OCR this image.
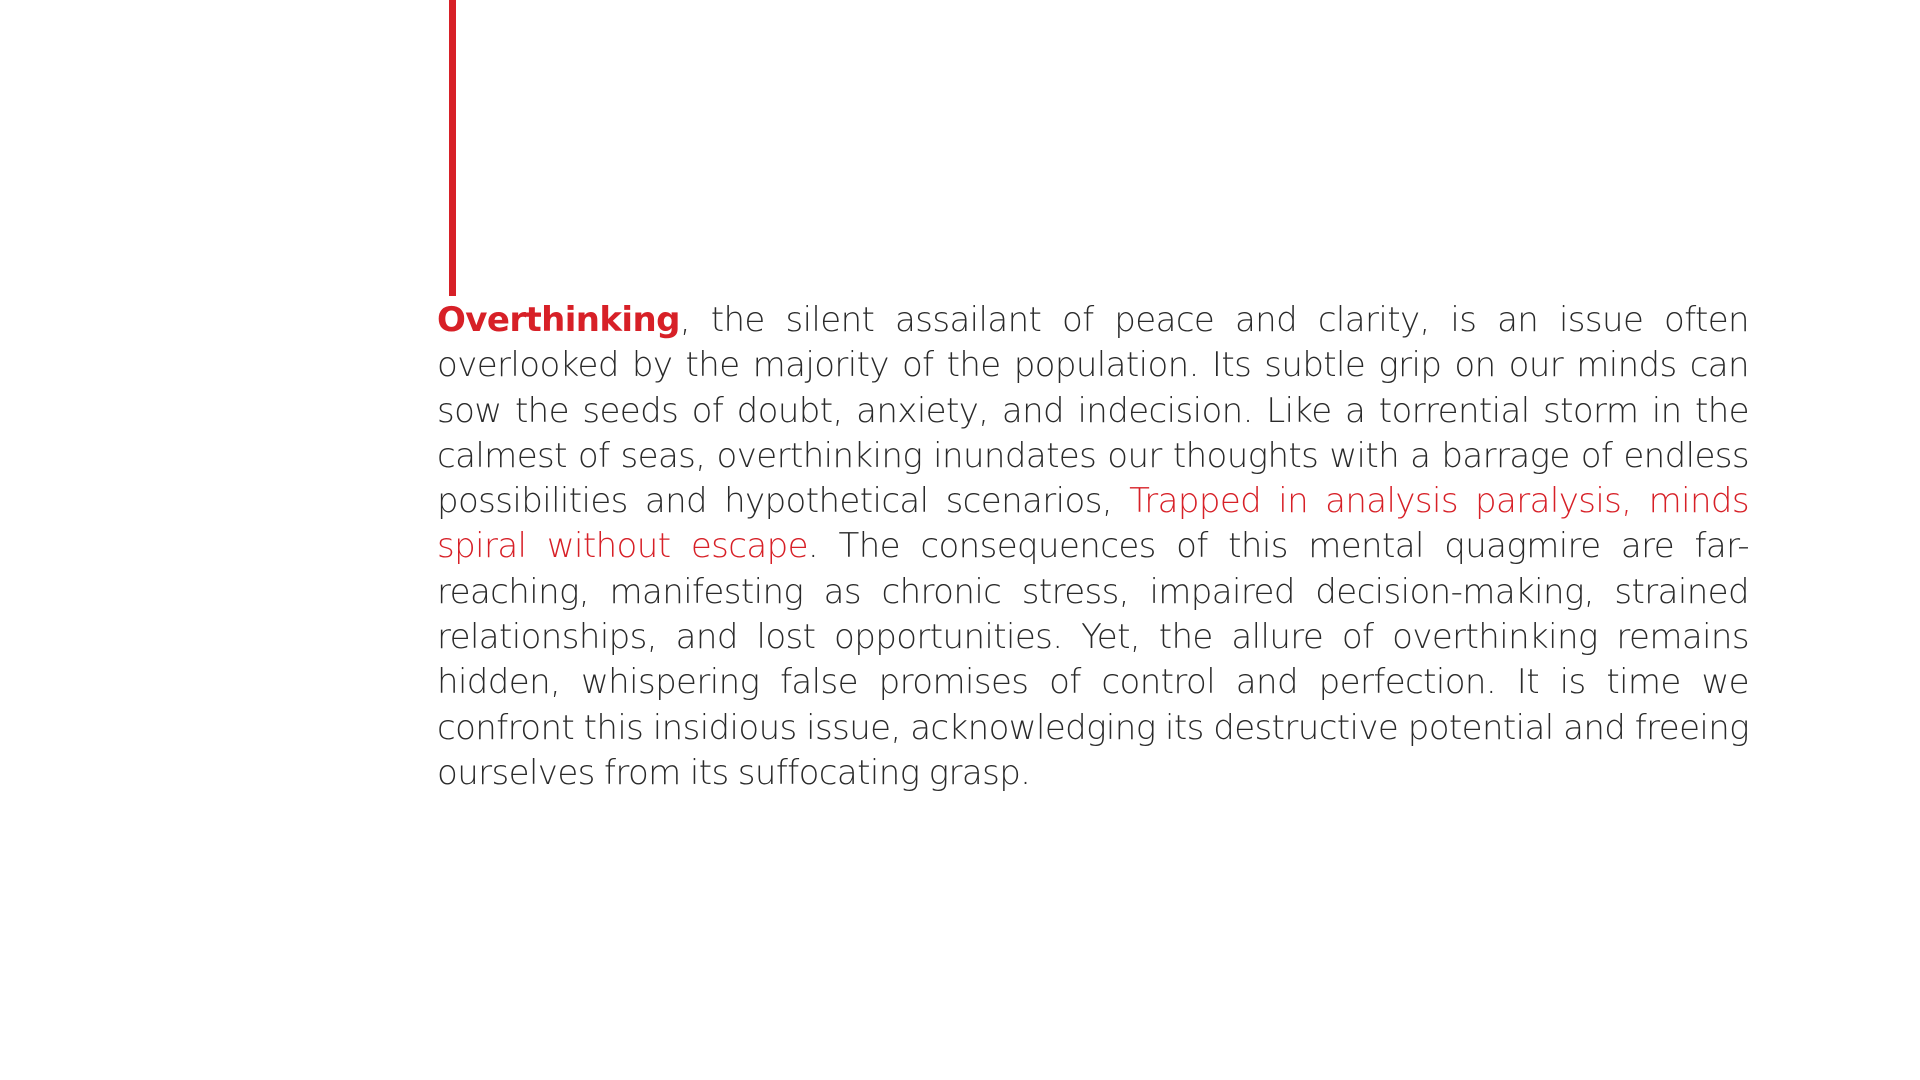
Overthinking, the silent assailant of peace and clarity, is an issue often overlooked by the majority of the population. Its subtle grip on our minds can sow the seeds of doubt, anxiety, and indecision. Like a torrential storm in the calmest of seas, overthinking inundates our thoughts with a barrage of endless possibilities and hypothetical scenarios, Trapped in analysis paralysis, minds spiral without escape. The consequences of this mental quagmire are far-reaching, manifesting as chronic stress, impaired decision-making, strained relationships, and lost opportunities. Yet, the allure of overthinking remains hidden, whispering false promises of control and perfection. It is time we confront this insidious issue, acknowledging its destructive potential and freeing ourselves from its suffocating grasp.
